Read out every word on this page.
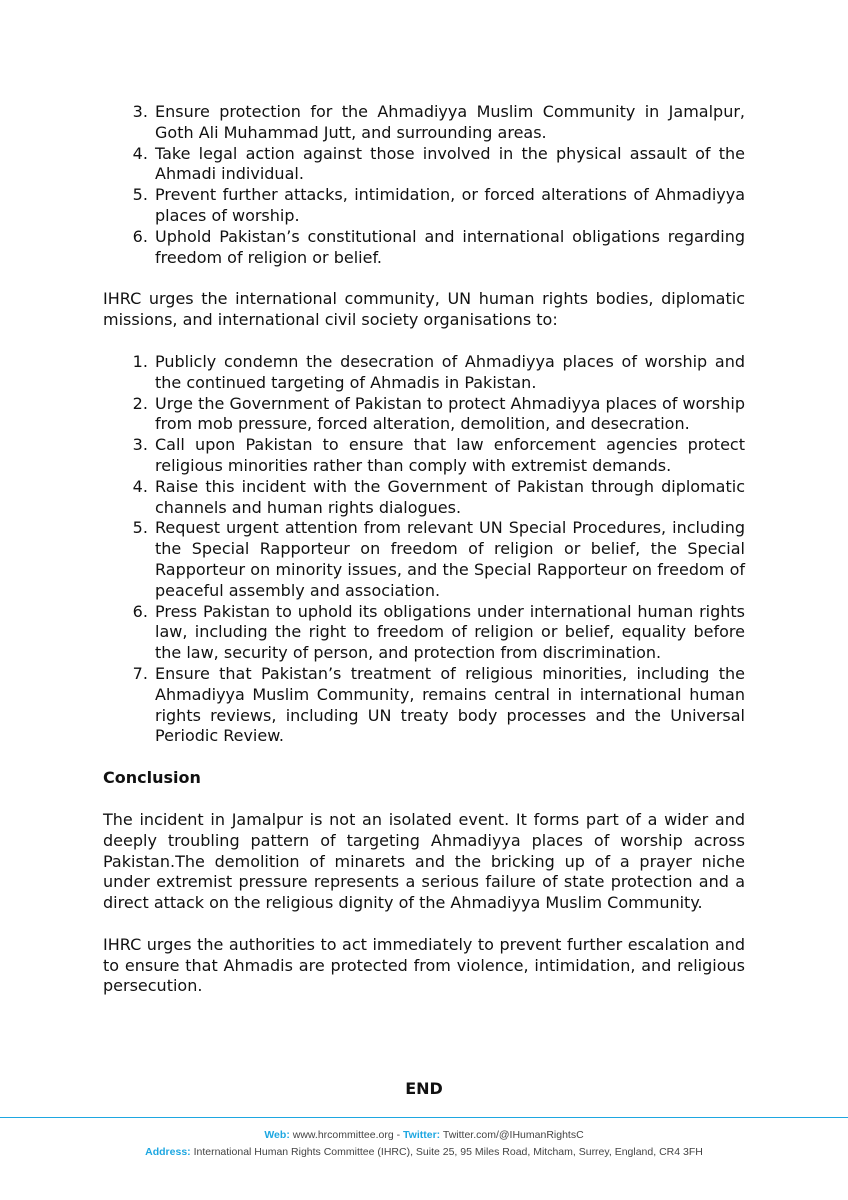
3. Ensure protection for the Ahmadiyya Muslim Community in Jamalpur, Goth Ali Muhammad Jutt, and surrounding areas.
4. Take legal action against those involved in the physical assault of the Ahmadi individual.
5. Prevent further attacks, intimidation, or forced alterations of Ahmadiyya places of worship.
6. Uphold Pakistan’s constitutional and international obligations regarding freedom of religion or belief.

IHRC urges the international community, UN human rights bodies, diplomatic missions, and international civil society organisations to:

1. Publicly condemn the desecration of Ahmadiyya places of worship and the continued targeting of Ahmadis in Pakistan.
2. Urge the Government of Pakistan to protect Ahmadiyya places of worship from mob pressure, forced alteration, demolition, and desecration.
3. Call upon Pakistan to ensure that law enforcement agencies protect religious minorities rather than comply with extremist demands.
4. Raise this incident with the Government of Pakistan through diplomatic channels and human rights dialogues.
5. Request urgent attention from relevant UN Special Procedures, including the Special Rapporteur on freedom of religion or belief, the Special Rapporteur on minority issues, and the Special Rapporteur on freedom of peaceful assembly and association.
6. Press Pakistan to uphold its obligations under international human rights law, including the right to freedom of religion or belief, equality before the law, security of person, and protection from discrimination.
7. Ensure that Pakistan’s treatment of religious minorities, including the Ahmadiyya Muslim Community, remains central in international human rights reviews, including UN treaty body processes and the Universal Periodic Review.

Conclusion

The incident in Jamalpur is not an isolated event. It forms part of a wider and deeply troubling pattern of targeting Ahmadiyya places of worship across Pakistan.The demolition of minarets and the bricking up of a prayer niche under extremist pressure represents a serious failure of state protection and a direct attack on the religious dignity of the Ahmadiyya Muslim Community.

IHRC urges the authorities to act immediately to prevent further escalation and to ensure that Ahmadis are protected from violence, intimidation, and religious persecution.

END
Web: www.hrcommittee.org - Twitter: Twitter.com/@IHumanRightsC
Address: International Human Rights Committee (IHRC), Suite 25, 95 Miles Road, Mitcham, Surrey, England, CR4 3FH
